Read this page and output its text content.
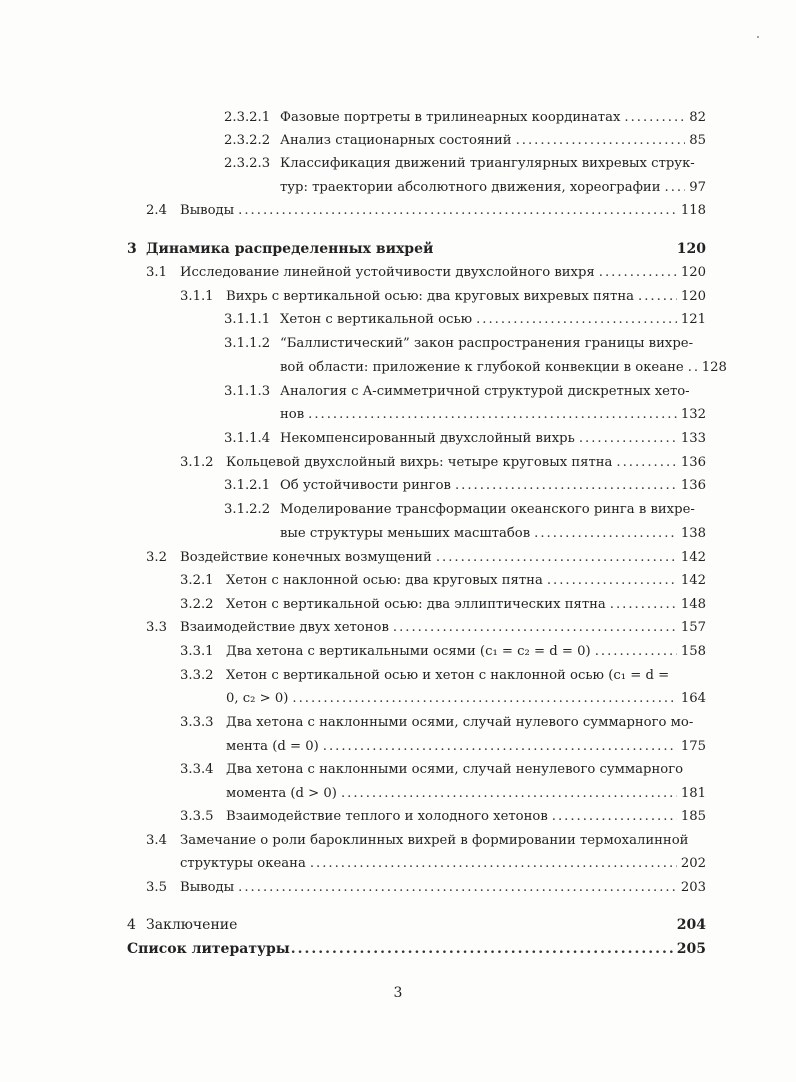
2.3.2.1 Фазовые портреты в трилинеарных координатах .....	82
2.3.2.2 Анализ стационарных состояний .....	85
2.3.2.3 Классификация движений триангулярных вихревых струк-
тур: траектории абсолютного движения, хореографии ..... 97
2.4 Выводы .....	118
3 Динамика распределенных вихрей	120
3.1 Исследование линейной устойчивости двухслойного вихря .....	120
3.1.1 Вихрь с вертикальной осью: два круговых вихревых пятна .....	120
3.1.1.1 Хетон с вертикальной осью .....	121
3.1.1.2 “Баллистический” закон распространения границы вихре-
вой области: приложение к глубокой конвекции в океане ..... 128
3.1.1.3 Аналогия с A-симметричной структурой дискретных хето-
нов .....	132
3.1.1.4 Некомпенсированный двухслойный вихрь .....	133
3.1.2 Кольцевой двухслойный вихрь: четыре круговых пятна .....	136
3.1.2.1 Об устойчивости рингов .....	136
3.1.2.2 Моделирование трансформации океанского ринга в вихре-
вые структуры меньших масштабов .....	138
3.2 Воздействие конечных возмущений .....	142
3.2.1 Хетон с наклонной осью: два круговых пятна .....	142
3.2.2 Хетон с вертикальной осью: два эллиптических пятна .....	148
3.3 Взаимодействие двух хетонов .....	157
3.3.1 Два хетона с вертикальными осями (c₁ = c₂ = d = 0) .....	158
3.3.2 Хетон с вертикальной осью и хетон с наклонной осью (c₁ = d =
0, c₂ > 0) .....	164
3.3.3 Два хетона с наклонными осями, случай нулевого суммарного мо-
мента (d = 0) .....	175
3.3.4 Два хетона с наклонными осями, случай ненулевого суммарного
момента (d > 0) .....	181
3.3.5 Взаимодействие теплого и холодного хетонов .....	185
3.4 Замечание о роли бароклинных вихрей в формировании термохалинной
структуры океана .....	202
3.5 Выводы .....	203
4 Заключение	204
Список литературы .....	205
3
